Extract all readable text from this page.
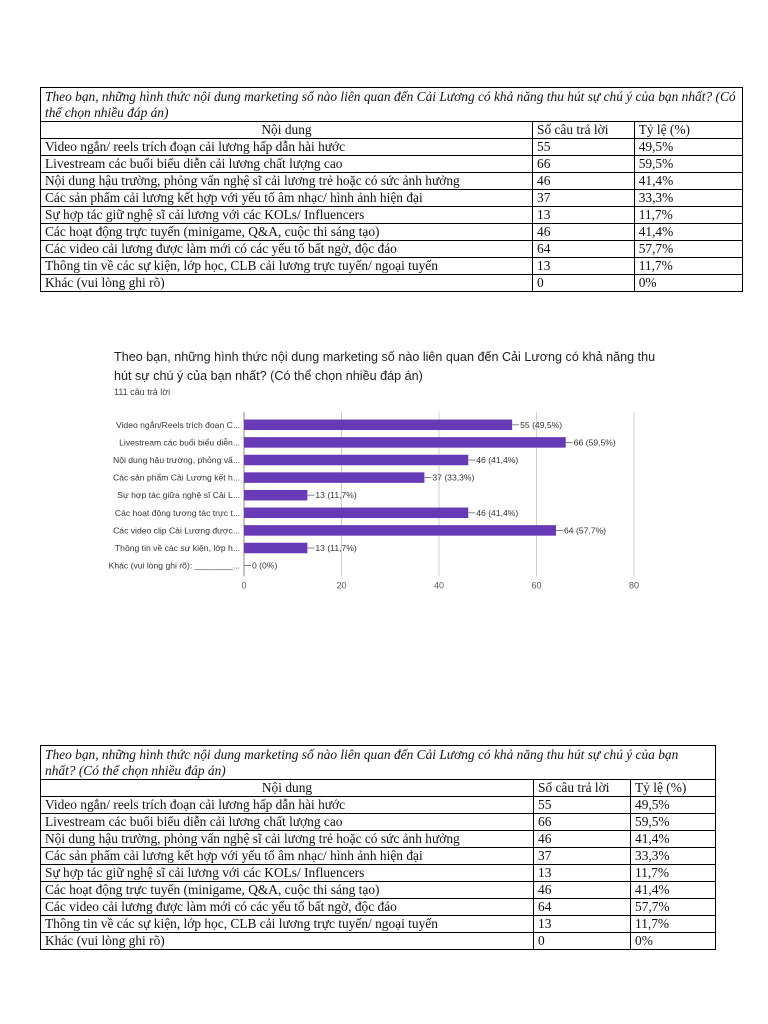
Theo bạn, những hình thức nội dung marketing số nào liên quan đến Cải Lương có khả năng thu hút sự chú ý của bạn nhất? (Có thể chọn nhiều đáp án)		
Nội dung	Số câu trả lời	Tỷ lệ (%)
Video ngắn/ reels trích đoạn cải lương hấp dẫn hài hước	55	49,5%
Livestream các buổi biểu diễn cải lương chất lượng cao	66	59,5%
Nội dung hậu trường, phỏng vấn nghệ sĩ cải lương trẻ hoặc có sức ảnh hưởng	46	41,4%
Các sản phẩm cải lương kết hợp với yếu tố âm nhạc/ hình ảnh hiện đại	37	33,3%
Sự hợp tác giữ nghệ sĩ cải lương với các KOLs/ Influencers	13	11,7%
Các hoạt động trực tuyến (minigame, Q&A, cuộc thi sáng tạo)	46	41,4%
Các video cải lương được làm mới có các yếu tố bất ngờ, độc đáo	64	57,7%
Thông tin về các sự kiện, lớp học, CLB cải lương trực tuyến/ ngoại tuyến	13	11,7%
Khác (vui lòng ghi rõ)	0	0%
Theo bạn, những hình thức nội dung marketing số nào liên quan đến Cải Lương có khả năng thu hút sự chú ý của bạn nhất? (Có thể chọn nhiều đáp án)
111 câu trả lời
0	20	40	60	80
Video ngắn/Reels trích đoạn C...	55 (49,5%)
Livestream các buổi biểu diễn...	66 (59,5%)
Nội dung hậu trường, phỏng vấ...	46 (41,4%)
Các sản phẩm Cải Lương kết h...	37 (33,3%)
Sự hợp tác giữa nghệ sĩ Cải L...	13 (11,7%)
Các hoạt động tương tác trực t...	46 (41,4%)
Các video clip Cải Lương được...	64 (57,7%)
Thông tin về các sự kiện, lớp h...	13 (11,7%)
Khác (vui lòng ghi rõ): ________... 0 (0%)
Theo bạn, những hình thức nội dung marketing số nào liên quan đến Cải Lương có khả năng thu hút sự chú ý của bạn nhất? (Có thể chọn nhiều đáp án)		
Nội dung	Số câu trả lời	Tỷ lệ (%)
Video ngắn/ reels trích đoạn cải lương hấp dẫn hài hước	55	49,5%
Livestream các buổi biểu diễn cải lương chất lượng cao	66	59,5%
Nội dung hậu trường, phỏng vấn nghệ sĩ cải lương trẻ hoặc có sức ảnh hưởng	46	41,4%
Các sản phẩm cải lương kết hợp với yếu tố âm nhạc/ hình ảnh hiện đại	37	33,3%
Sự hợp tác giữ nghệ sĩ cải lương với các KOLs/ Influencers	13	11,7%
Các hoạt động trực tuyến (minigame, Q&A, cuộc thi sáng tạo)	46	41,4%
Các video cải lương được làm mới có các yếu tố bất ngờ, độc đáo	64	57,7%
Thông tin về các sự kiện, lớp học, CLB cải lương trực tuyến/ ngoại tuyến	13	11,7%
Khác (vui lòng ghi rõ)	0	0%
